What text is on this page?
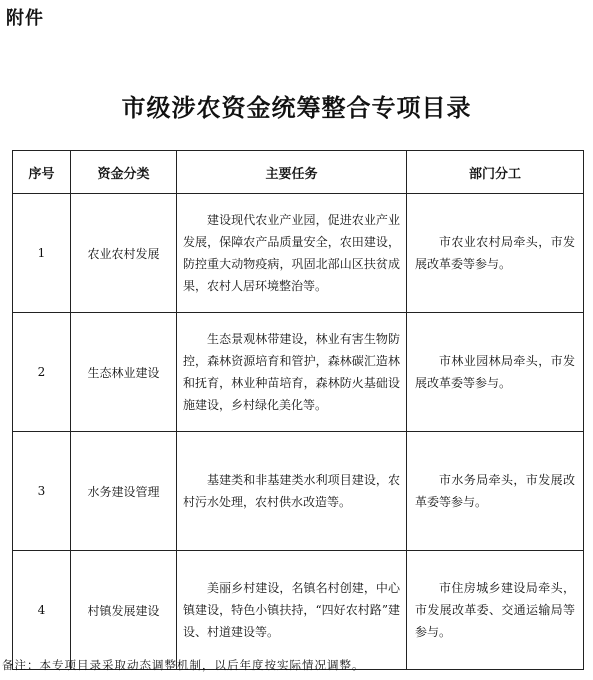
附件
市级涉农资金统筹整合专项目录
序号	资金分类	主要任务	部门分工
1	农业农村发展	建设现代农业产业园，促进农业产业发展，保障农产品质量安全，农田建设，防控重大动物疫病，巩固北部山区扶贫成果，农村人居环境整治等。	市农业农村局牵头，市发展改革委等参与。
2	生态林业建设	生态景观林带建设，林业有害生物防控，森林资源培育和管护，森林碳汇造林和抚育，林业种苗培育，森林防火基础设施建设，乡村绿化美化等。	市林业园林局牵头，市发展改革委等参与。
3	水务建设管理	基建类和非基建类水利项目建设，农村污水处理，农村供水改造等。	市水务局牵头，市发展改革委等参与。
4	村镇发展建设	美丽乡村建设，名镇名村创建，中心镇建设，特色小镇扶持，“四好农村路”建设、村道建设等。	市住房城乡建设局牵头，市发展改革委、交通运输局等参与。
备注：本专项目录采取动态调整机制，以后年度按实际情况调整。
